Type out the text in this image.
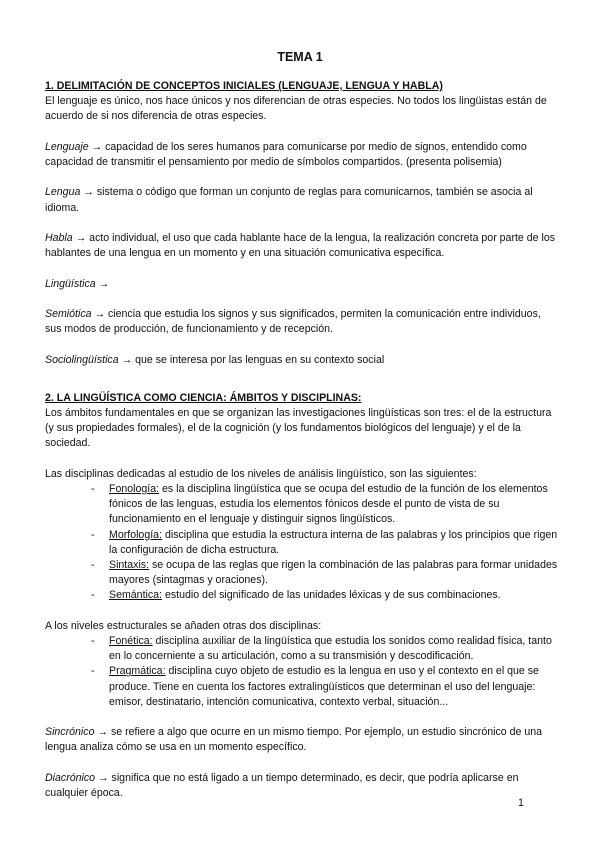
TEMA 1

1. DELIMITACIÓN DE CONCEPTOS INICIALES (LENGUAJE, LENGUA Y HABLA)

El lenguaje es único, nos hace únicos y nos diferencian de otras especies. No todos los lingüistas están de acuerdo de si nos diferencia de otras especies.

Lenguaje → capacidad de los seres humanos para comunicarse por medio de signos, entendido como capacidad de transmitir el pensamiento por medio de símbolos compartidos. (presenta polisemia)

Lengua → sistema o código que forman un conjunto de reglas para comunicarnos, también se asocia al idioma.

Habla → acto individual, el uso que cada hablante hace de la lengua, la realización concreta por parte de los hablantes de una lengua en un momento y en una situación comunicativa específica.

Lingüística →

Semiótica → ciencia que estudia los signos y sus significados, permiten la comunicación entre individuos, sus modos de producción, de funcionamiento y de recepción.

Sociolingüística → que se interesa por las lenguas en su contexto social

2. LA LINGÜÍSTICA COMO CIENCIA: ÁMBITOS Y DISCIPLINAS:

Los ámbitos fundamentales en que se organizan las investigaciones lingüísticas son tres: el de la estructura (y sus propiedades formales), el de la cognición (y los fundamentos biológicos del lenguaje) y el de la sociedad.

Las disciplinas dedicadas al estudio de los niveles de análisis lingüístico, son las siguientes:

- Fonología: es la disciplina lingüística que se ocupa del estudio de la función de los elementos fónicos de las lenguas, estudia los elementos fónicos desde el punto de vista de su funcionamiento en el lenguaje y distinguir signos lingüísticos.
- Morfología: disciplina que estudia la estructura interna de las palabras y los principios que rigen la configuración de dicha estructura.
- Sintaxis: se ocupa de las reglas que rigen la combinación de las palabras para formar unidades mayores (sintagmas y oraciones).
- Semántica: estudio del significado de las unidades léxicas y de sus combinaciones.

A los niveles estructurales se añaden otras dos disciplinas:

- Fonética: disciplina auxiliar de la lingüística que estudia los sonidos como realidad física, tanto en lo concerniente a su articulación, como a su transmisión y descodificación.
- Pragmática: disciplina cuyo objeto de estudio es la lengua en uso y el contexto en el que se produce. Tiene en cuenta los factores extralingüísticos que determinan el uso del lenguaje: emisor, destinatario, intención comunicativa, contexto verbal, situación...

Sincrónico → se refiere a algo que ocurre en un mismo tiempo. Por ejemplo, un estudio sincrónico de una lengua analiza cómo se usa en un momento específico.

Diacrónico → significa que no está ligado a un tiempo determinado, es decir, que podría aplicarse en cualquier época.

1
